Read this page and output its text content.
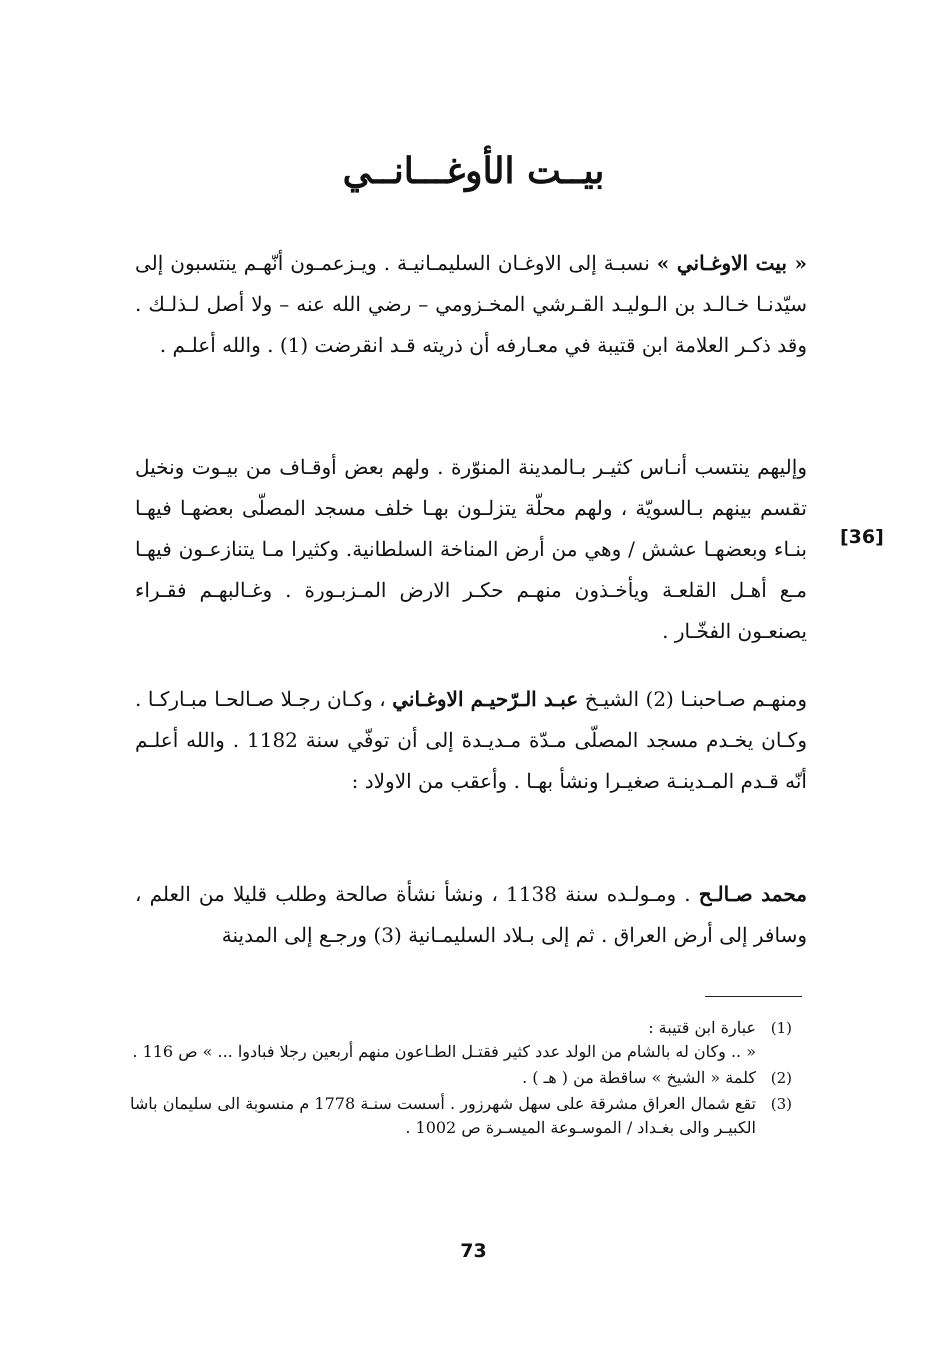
بيــت الأوغـــانــي
[36]

« بيت الاوغـاني » نسبـة إلى الاوغـان السليمـانيـة . ويـزعمـون أنّهـم ينتسبون إلى سيّدنـا خـالـد بن الـوليـد القـرشي المخـزومي – رضي الله عنه – ولا أصل لـذلـك . وقد ذكـر العلامة ابن قتيبة في معـارفه أن ذريته قـد انقرضت (1) . والله أعلـم .

وإليهم ينتسب أنـاس كثيـر بـالمدينة المنوّرة . ولهم بعض أوقـاف من بيـوت ونخيل تقسم بينهم بـالسويّة ، ولهم محلّة يتزلـون بهـا خلف مسجد المصلّى بعضهـا فيهـا بنـاء وبعضهـا عشش / وهي من أرض المناخة السلطانية. وكثيرا مـا يتنازعـون فيهـا مـع أهـل القلعـة ويأخـذون منهـم حكـر الارض المـزبـورة . وغـالبهـم فقـراء يصنعـون الفخّـار .

ومنهـم صـاحبنـا (2) الشيـخ عبـد الـرّحيـم الاوغـاني ، وكـان رجـلا صـالحـا مبـاركـا . وكـان يخـدم مسجد المصلّى مـدّة مـديـدة إلى أن توفّي سنة 1182 . والله أعلـم أنّه قـدم المـدينـة صغيـرا ونشأ بهـا . وأعقب من الاولاد :

محمد صـالـح . ومـولـده سنة 1138 ، ونشأ نشأة صالحة وطلب قليلا من العلم ، وسافر إلى أرض العراق . ثم إلى بـلاد السليمـانية (3) ورجـع إلى المدينة

(1)
عبارة ابن قتيبة :
« .. وكان له بالشام من الولد عدد كثير فقتـل الطـاعون منهم أربعين رجلا فبادوا ... » ص 116 .
(2)
كلمة « الشيخ » ساقطة من ( هـ ) .
(3)
تقع شمال العراق مشرقة على سهل شهرزور . أسست سنـة 1778 م منسوبة الى سليمان باشا الكبيـر والى بغـداد / الموسـوعة الميسـرة ص 1002 .
73
